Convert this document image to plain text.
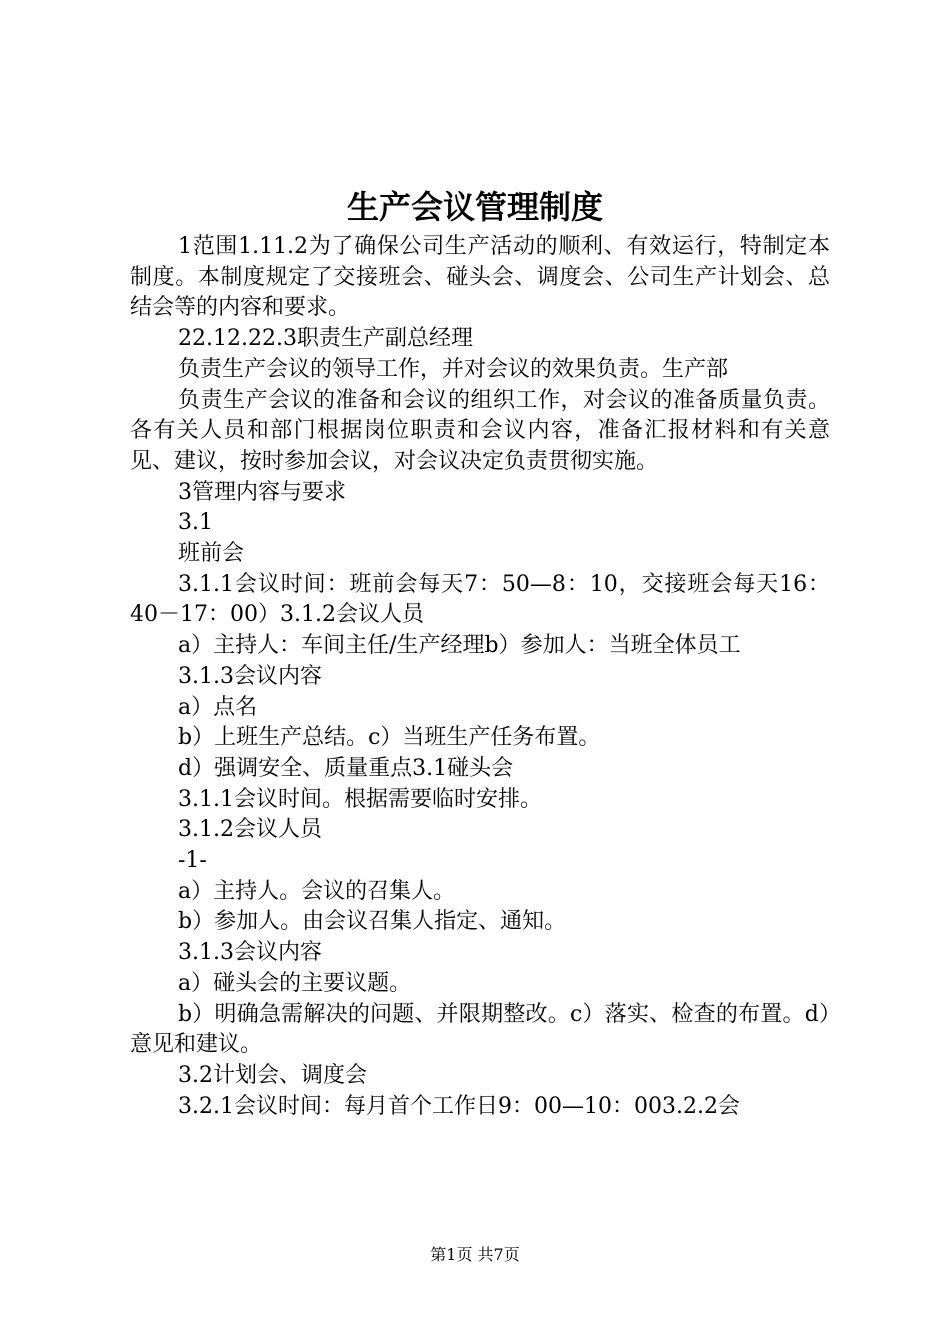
生产会议管理制度

1范围1.11.2为了确保公司生产活动的顺利、有效运行，特制定本制度。本制度规定了交接班会、碰头会、调度会、公司生产计划会、总结会等的内容和要求。

22.12.22.3职责生产副总经理

负责生产会议的领导工作，并对会议的效果负责。生产部

负责生产会议的准备和会议的组织工作，对会议的准备质量负责。各有关人员和部门根据岗位职责和会议内容，准备汇报材料和有关意见、建议，按时参加会议，对会议决定负责贯彻实施。

3管理内容与要求

3.1

班前会

3.1.1会议时间：班前会每天7：50—8：10，交接班会每天16：40－17：00）3.1.2会议人员

a）主持人：车间主任/生产经理b）参加人：当班全体员工

3.1.3会议内容

a）点名

b）上班生产总结。c）当班生产任务布置。

d）强调安全、质量重点3.1碰头会

3.1.1会议时间。根据需要临时安排。

3.1.2会议人员

-1-

a）主持人。会议的召集人。

b）参加人。由会议召集人指定、通知。

3.1.3会议内容

a）碰头会的主要议题。

b）明确急需解决的问题、并限期整改。c）落实、检查的布置。d）意见和建议。

3.2计划会、调度会

3.2.1会议时间：每月首个工作日9：00—10：003.2.2会

第1页 共7页
